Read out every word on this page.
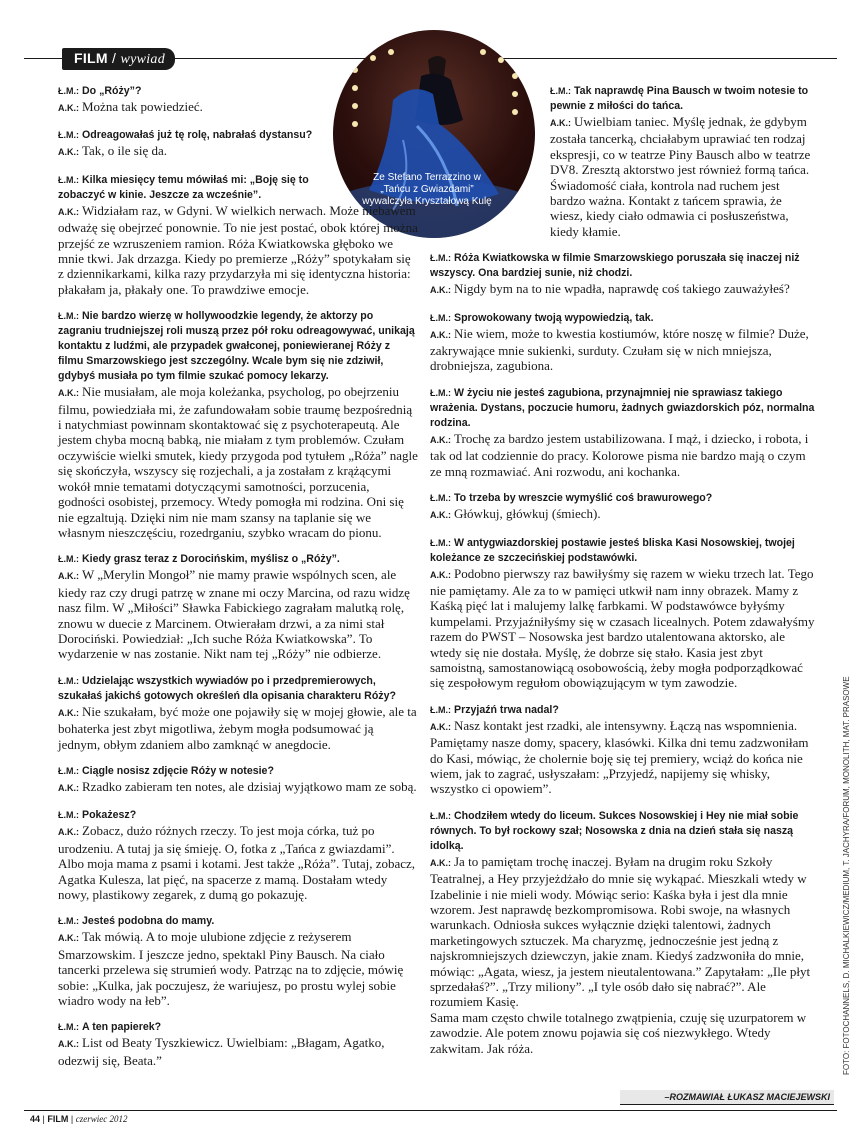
FILM / wywiad
Ze Stefano Terrazzino w „Tańcu z Gwiazdami” wywalczyła Kryształową Kulę
Ł.M.: Do „Róży”?
A.K.: Można tak powiedzieć.
Ł.M.: Odreagowałaś już tę rolę, nabrałaś dystansu?
A.K.: Tak, o ile się da.
Ł.M.: Kilka miesięcy temu mówiłaś mi: „Boję się to zobaczyć w kinie. Jeszcze za wcześnie”.
A.K.: Widziałam raz, w Gdyni. W wielkich nerwach. Może niebawem odważę się obejrzeć ponownie. To nie jest postać, obok której można przejść ze wzruszeniem ramion. Róża Kwiatkowska głęboko we mnie tkwi. Jak drzazga. Kiedy po premierze „Róży” spotykałam się z dziennikarkami, kilka razy przydarzyła mi się identyczna historia: płakałam ja, płakały one. To prawdziwe emocje.
Ł.M.: Nie bardzo wierzę w hollywoodzkie legendy, że aktorzy po zagraniu trudniejszej roli muszą przez pół roku odreagowywać, unikają kontaktu z ludźmi, ale przypadek gwałconej, poniewieranej Róży z filmu Smarzowskiego jest szczególny. Wcale bym się nie zdziwił, gdybyś musiała po tym filmie szukać pomocy lekarzy.
A.K.: Nie musiałam, ale moja koleżanka, psycholog, po obejrzeniu filmu, powiedziała mi, że zafundowałam sobie traumę bezpośrednią i natychmiast powinnam skontaktować się z psychoterapeutą. Ale jestem chyba mocną babką, nie miałam z tym problemów. Czułam oczywiście wielki smutek, kiedy przygoda pod tytułem „Róża” nagle się skończyła, wszyscy się rozjechali, a ja zostałam z krążącymi wokół mnie tematami dotyczącymi samotności, porzucenia, godności osobistej, przemocy. Wtedy pomogła mi rodzina. Oni się nie egzaltują. Dzięki nim nie mam szansy na taplanie się we własnym nieszczęściu, rozedrganiu, szybko wracam do pionu.
Ł.M.: Kiedy grasz teraz z Dorocińskim, myślisz o „Róży”.
A.K.: W „Merylin Mongoł” nie mamy prawie wspólnych scen, ale kiedy raz czy drugi patrzę w znane mi oczy Marcina, od razu widzę nasz film. W „Miłości” Sławka Fabickiego zagrałam malutką rolę, znowu w duecie z Marcinem. Otwierałam drzwi, a za nimi stał Dorociński. Powiedział: „Ich suche Róża Kwiatkowska”. To wydarzenie w nas zostanie. Nikt nam tej „Róży” nie odbierze.
Ł.M.: Udzielając wszystkich wywiadów po i przedpremierowych, szukałaś jakichś gotowych określeń dla opisania charakteru Róży?
A.K.: Nie szukałam, być może one pojawiły się w mojej głowie, ale ta bohaterka jest zbyt migotliwa, żebym mogła podsumować ją jednym, obłym zdaniem albo zamknąć w anegdocie.
Ł.M.: Ciągle nosisz zdjęcie Róży w notesie?
A.K.: Rzadko zabieram ten notes, ale dzisiaj wyjątkowo mam ze sobą.
Ł.M.: Pokażesz?
A.K.: Zobacz, dużo różnych rzeczy. To jest moja córka, tuż po urodzeniu. A tutaj ja się śmieję. O, fotka z „Tańca z gwiazdami”. Albo moja mama z psami i kotami. Jest także „Róża”. Tutaj, zobacz, Agatka Kulesza, lat pięć, na spacerze z mamą. Dostałam wtedy nowy, plastikowy zegarek, z dumą go pokazuję.
Ł.M.: Jesteś podobna do mamy.
A.K.: Tak mówią. A to moje ulubione zdjęcie z reżyserem Smarzowskim. I jeszcze jedno, spektakl Piny Bausch. Na ciało tancerki przelewa się strumień wody. Patrząc na to zdjęcie, mówię sobie: „Kulka, jak poczujesz, że wariujesz, po prostu wylej sobie wiadro wody na łeb”.
Ł.M.: A ten papierek?
A.K.: List od Beaty Tyszkiewicz. Uwielbiam: „Błagam, Agatko, odezwij się, Beata.”
Ł.M.: Tak naprawdę Pina Bausch w twoim notesie to pewnie z miłości do tańca.
A.K.: Uwielbiam taniec. Myślę jednak, że gdybym została tancerką, chciałabym uprawiać ten rodzaj ekspresji, co w teatrze Piny Bausch albo w teatrze DV8. Zresztą aktorstwo jest również formą tańca. Świadomość ciała, kontrola nad ruchem jest bardzo ważna. Kontakt z tańcem sprawia, że wiesz, kiedy ciało odmawia ci posłuszeństwa, kiedy kłamie.
Ł.M.: Róża Kwiatkowska w filmie Smarzowskiego poruszała się inaczej niż wszyscy. Ona bardziej sunie, niż chodzi.
A.K.: Nigdy bym na to nie wpadła, naprawdę coś takiego zauważyłeś?
Ł.M.: Sprowokowany twoją wypowiedzią, tak.
A.K.: Nie wiem, może to kwestia kostiumów, które noszę w filmie? Duże, zakrywające mnie sukienki, surduty. Czułam się w nich mniejsza, drobniejsza, zagubiona.
Ł.M.: W życiu nie jesteś zagubiona, przynajmniej nie sprawiasz takiego wrażenia. Dystans, poczucie humoru, żadnych gwiazdorskich póz, normalna rodzina.
A.K.: Trochę za bardzo jestem ustabilizowana. I mąż, i dziecko, i robota, i tak od lat codziennie do pracy. Kolorowe pisma nie bardzo mają o czym ze mną rozmawiać. Ani rozwodu, ani kochanka.
Ł.M.: To trzeba by wreszcie wymyślić coś brawurowego?
A.K.: Główkuj, główkuj (śmiech).
Ł.M.: W antygwiazdorskiej postawie jesteś bliska Kasi Nosowskiej, twojej koleżance ze szczecińskiej podstawówki.
A.K.: Podobno pierwszy raz bawiłyśmy się razem w wieku trzech lat. Tego nie pamiętamy. Ale za to w pamięci utkwił nam inny obrazek. Mamy z Kaśką pięć lat i malujemy lalkę farbkami. W podstawówce byłyśmy kumpelami. Przyjaźniłyśmy się w czasach licealnych. Potem zdawałyśmy razem do PWST – Nosowska jest bardzo utalentowana aktorsko, ale wtedy się nie dostała. Myślę, że dobrze się stało. Kasia jest zbyt samoistną, samostanowiącą osobowością, żeby mogła podporządkować się zespołowym regułom obowiązującym w tym zawodzie.
Ł.M.: Przyjaźń trwa nadal?
A.K.: Nasz kontakt jest rzadki, ale intensywny. Łączą nas wspomnienia. Pamiętamy nasze domy, spacery, klasówki. Kilka dni temu zadzwoniłam do Kasi, mówiąc, że cholernie boję się tej premiery, wciąż do końca nie wiem, jak to zagrać, usłyszałam: „Przyjedź, napijemy się whisky, wszystko ci opowiem”.
Ł.M.: Chodziłem wtedy do liceum. Sukces Nosowskiej i Hey nie miał sobie równych. To był rockowy szał; Nosowska z dnia na dzień stała się naszą idolką.
A.K.: Ja to pamiętam trochę inaczej. Byłam na drugim roku Szkoły Teatralnej, a Hey przyjeżdżało do mnie się wykąpać. Mieszkali wtedy w Izabelinie i nie mieli wody. Mówiąc serio: Kaśka była i jest dla mnie wzorem. Jest naprawdę bezkompromisowa. Robi swoje, na własnych warunkach. Odniosła sukces wyłącznie dzięki talentowi, żadnych marketingowych sztuczek. Ma charyzmę, jednocześnie jest jedną z najskromniejszych dziewczyn, jakie znam. Kiedyś zadzwoniła do mnie, mówiąc: „Agata, wiesz, ja jestem nieutalentowana.” Zapytałam: „Ile płyt sprzedałaś?”. „Trzy miliony”. „I tyle osób dało się nabrać?”. Ale rozumiem Kasię.
Sama mam często chwile totalnego zwątpienia, czuję się uzurpatorem w zawodzie. Ale potem znowu pojawia się coś niezwykłego. Wtedy zakwitam. Jak róża.	FOTO: FOTOCHANNELS, D. MICHALKIEWICZ/MEDIUM, T. JACHYRA/FORUM, MONOLITH, MAT. PRASOWE
–ROZMAWIAŁ ŁUKASZ MACIEJEWSKI
44 | FILM | czerwiec 2012
